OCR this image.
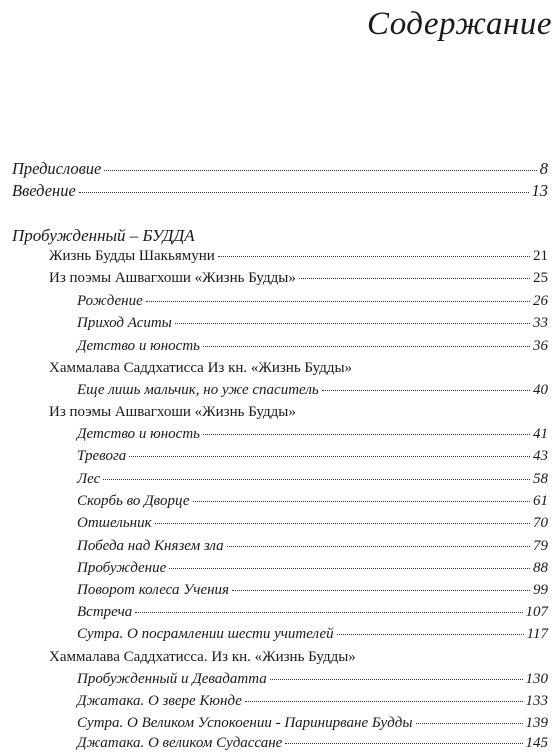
Содержание
Предисловие	8
Введение	13
Пробужденный – БУДДА
Жизнь Будды Шакьямуни	21
Из поэмы Ашвагхоши «Жизнь Будды»	25
Рождение	26
Приход Аситы	33
Детство и юность	36
Хаммалава Саддхатисса Из кн. «Жизнь Будды»
Еще лишь мальчик, но уже спаситель	40
Из поэмы Ашвагхоши «Жизнь Будды»
Детство и юность	41
Тревога	43
Лес	58
Скорбь во Дворце	61
Отшельник	70
Победа над Князем зла	79
Пробуждение	88
Поворот колеса Учения	99
Встреча	107
Сутра. О посрамлении шести учителей	117
Хаммалава Саддхатисса. Из кн. «Жизнь Будды»
Пробужденный и Девадатта	130
Джатака. О звере Кюнде	133
Сутра. О Великом Успокоении - Паринирване Будды	139
Джатака. О великом Судассане	145
